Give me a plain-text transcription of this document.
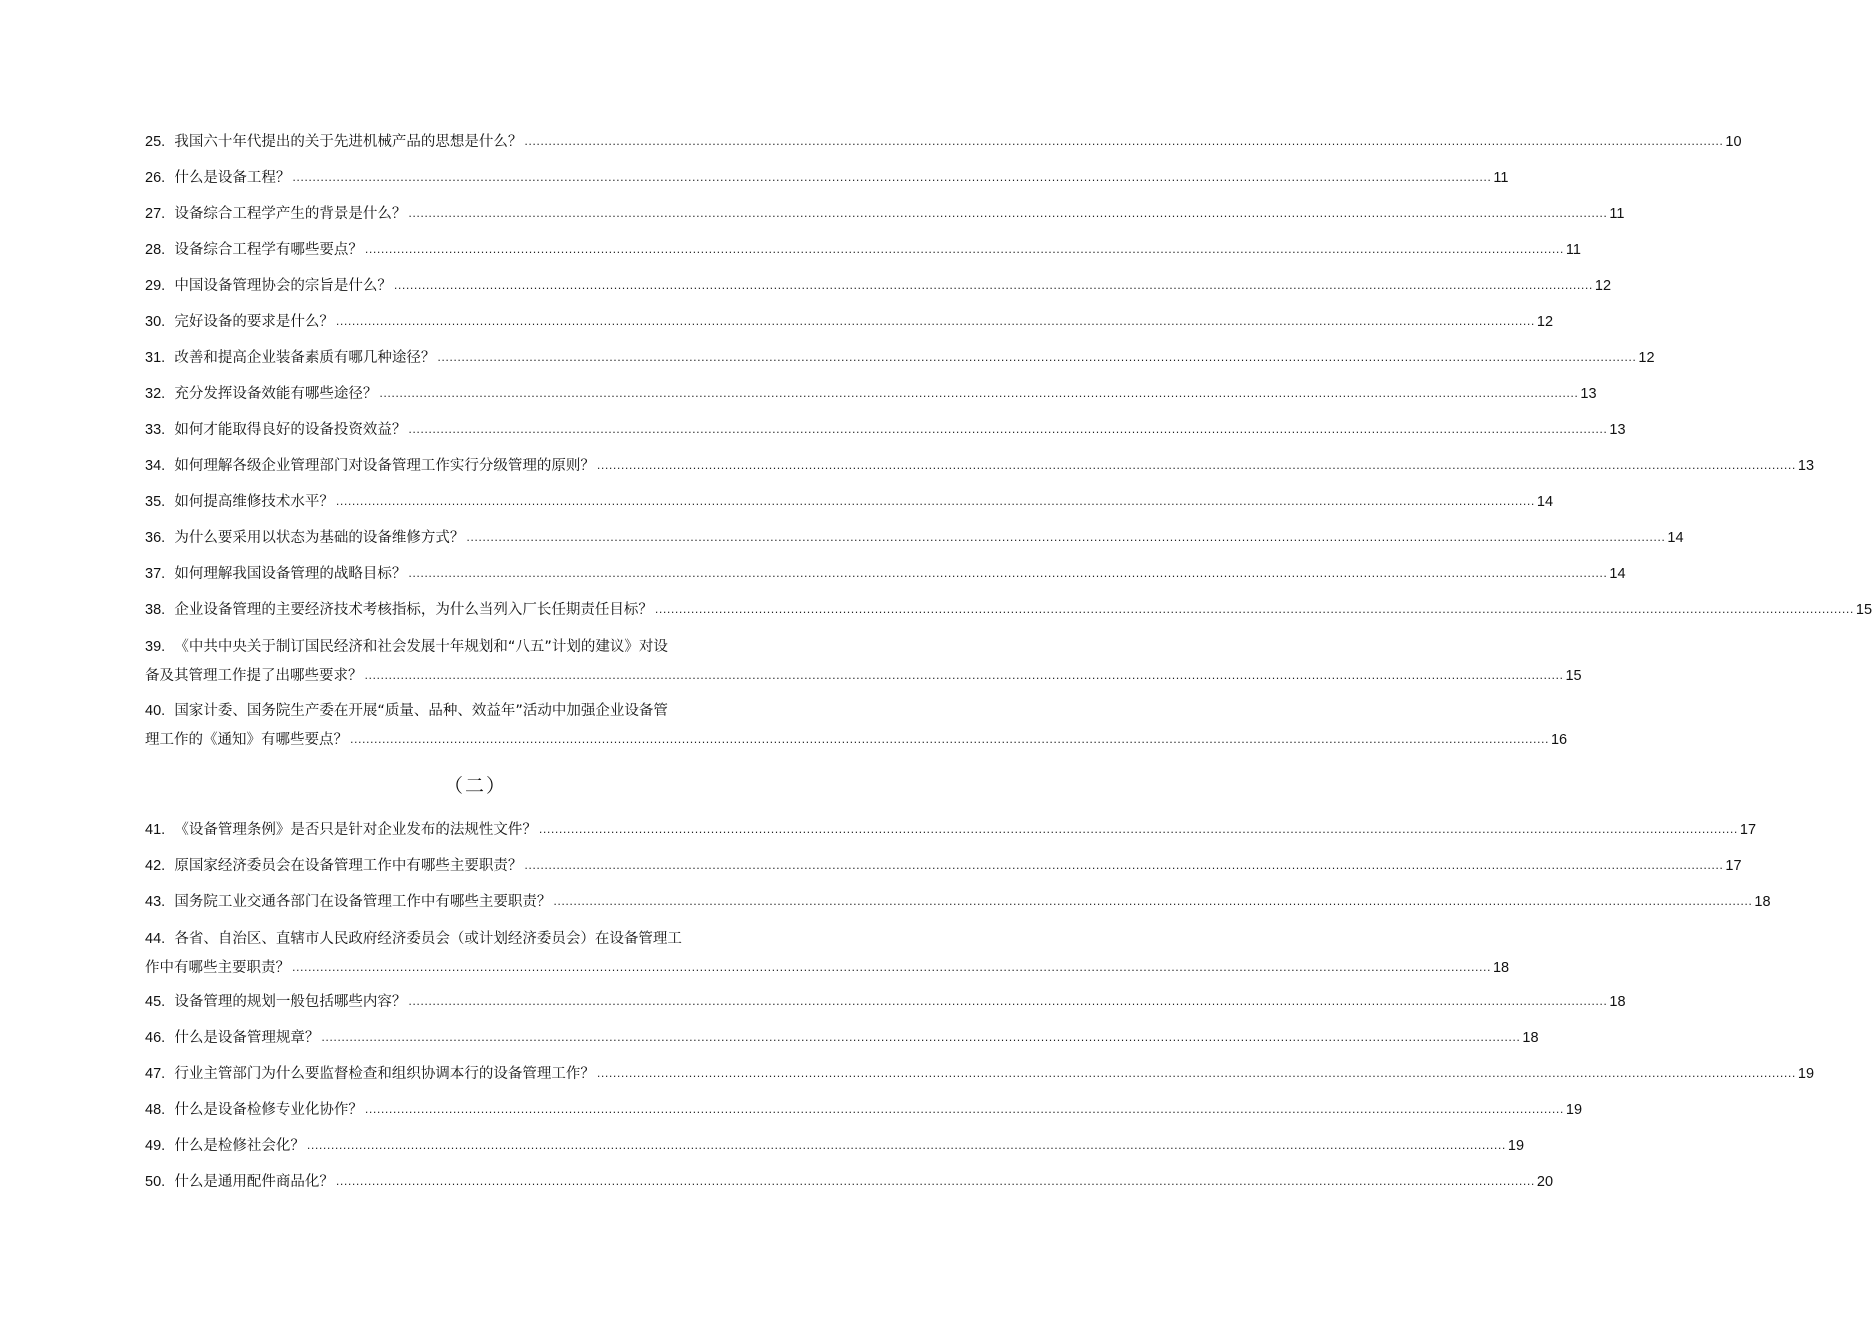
25. 我国六十年代提出的关于先进机械产品的思想是什么？ ............................................................................................................................................................................................................................................................................................................ 10
26. 什么是设备工程？ ............................................................................................................................................................................................................................................................................................................ 11
27. 设备综合工程学产生的背景是什么？ ............................................................................................................................................................................................................................................................................................................ 11
28. 设备综合工程学有哪些要点？ ............................................................................................................................................................................................................................................................................................................ 11
29. 中国设备管理协会的宗旨是什么？ ............................................................................................................................................................................................................................................................................................................ 12
30. 完好设备的要求是什么？ ............................................................................................................................................................................................................................................................................................................ 12
31. 改善和提高企业装备素质有哪几种途径？ ............................................................................................................................................................................................................................................................................................................ 12
32. 充分发挥设备效能有哪些途径？ ............................................................................................................................................................................................................................................................................................................ 13
33. 如何才能取得良好的设备投资效益？ ............................................................................................................................................................................................................................................................................................................ 13
34. 如何理解各级企业管理部门对设备管理工作实行分级管理的原则？ ............................................................................................................................................................................................................................................................................................................ 13
35. 如何提高维修技术水平？ ............................................................................................................................................................................................................................................................................................................ 14
36. 为什么要采用以状态为基础的设备维修方式？ ............................................................................................................................................................................................................................................................................................................ 14
37. 如何理解我国设备管理的战略目标？ ............................................................................................................................................................................................................................................................................................................ 14
38. 企业设备管理的主要经济技术考核指标，为什么当列入厂长任期责任目标？ ............................................................................................................................................................................................................................................................................................................ 15
39. 《中共中央关于制订国民经济和社会发展十年规划和“八五”计划的建议》对设
备及其管理工作提了出哪些要求？ ............................................................................................................................................................................................................................................................................................................ 15
40. 国家计委、国务院生产委在开展“质量、品种、效益年”活动中加强企业设备管
理工作的《通知》有哪些要点？ ............................................................................................................................................................................................................................................................................................................ 16
（二）
41. 《设备管理条例》是否只是针对企业发布的法规性文件？ ............................................................................................................................................................................................................................................................................................................ 17
42. 原国家经济委员会在设备管理工作中有哪些主要职责？ ............................................................................................................................................................................................................................................................................................................ 17
43. 国务院工业交通各部门在设备管理工作中有哪些主要职责？ ............................................................................................................................................................................................................................................................................................................ 18
44. 各省、自治区、直辖市人民政府经济委员会（或计划经济委员会）在设备管理工
作中有哪些主要职责？ ............................................................................................................................................................................................................................................................................................................ 18
45. 设备管理的规划一般包括哪些内容？ ............................................................................................................................................................................................................................................................................................................ 18
46. 什么是设备管理规章？ ............................................................................................................................................................................................................................................................................................................ 18
47. 行业主管部门为什么要监督检查和组织协调本行的设备管理工作？ ............................................................................................................................................................................................................................................................................................................ 19
48. 什么是设备检修专业化协作？ ............................................................................................................................................................................................................................................................................................................ 19
49. 什么是检修社会化？ ............................................................................................................................................................................................................................................................................................................ 19
50. 什么是通用配件商品化？ ............................................................................................................................................................................................................................................................................................................ 20
